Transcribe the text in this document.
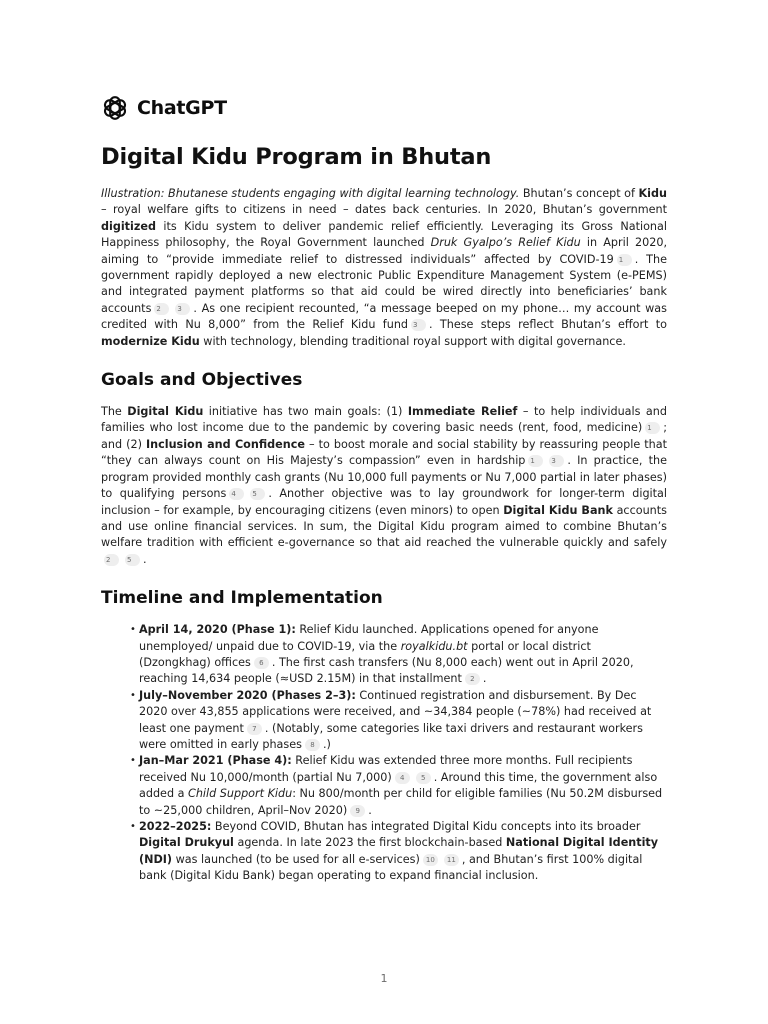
ChatGPT
Digital Kidu Program in Bhutan

Illustration: Bhutanese students engaging with digital learning technology. Bhutan’s concept of Kidu – royal welfare gifts to citizens in need – dates back centuries. In 2020, Bhutan’s government digitized its Kidu system to deliver pandemic relief efficiently. Leveraging its Gross National Happiness philosophy, the Royal Government launched Druk Gyalpo’s Relief Kidu in April 2020, aiming to “provide immediate relief to distressed individuals” affected by COVID-19 1 . The government rapidly deployed a new electronic Public Expenditure Management System (e-PEMS) and integrated payment platforms so that aid could be wired directly into beneficiaries’ bank accounts 2 3 . As one recipient recounted, “a message beeped on my phone… my account was credited with Nu 8,000” from the Relief Kidu fund 3 . These steps reflect Bhutan’s effort to modernize Kidu with technology, blending traditional royal support with digital governance.

Goals and Objectives

The Digital Kidu initiative has two main goals: (1) Immediate Relief – to help individuals and families who lost income due to the pandemic by covering basic needs (rent, food, medicine) 1 ; and (2) Inclusion and Confidence – to boost morale and social stability by reassuring people that “they can always count on His Majesty’s compassion” even in hardship 1 3 . In practice, the program provided monthly cash grants (Nu 10,000 full payments or Nu 7,000 partial in later phases) to qualifying persons 4 5 . Another objective was to lay groundwork for longer-term digital inclusion – for example, by encouraging citizens (even minors) to open Digital Kidu Bank accounts and use online financial services. In sum, the Digital Kidu program aimed to combine Bhutan’s welfare tradition with efficient e-governance so that aid reached the vulnerable quickly and safely2 5 .

Timeline and Implementation
• April 14, 2020 (Phase 1): Relief Kidu launched. Applications opened for anyone unemployed/ unpaid due to COVID-19, via the royalkidu.bt portal or local district (Dzongkhag) offices 6 . The first cash transfers (Nu 8,000 each) went out in April 2020, reaching 14,634 people (≈USD 2.15M) in that installment 2 .
• July–November 2020 (Phases 2–3): Continued registration and disbursement. By Dec 2020 over 43,855 applications were received, and ~34,384 people (~78%) had received at least one payment 7 . (Notably, some categories like taxi drivers and restaurant workers were omitted in early phases 8 .)
• Jan–Mar 2021 (Phase 4): Relief Kidu was extended three more months. Full recipients received Nu 10,000/month (partial Nu 7,000) 4 5 . Around this time, the government also added a Child Support Kidu: Nu 800/month per child for eligible families (Nu 50.2M disbursed to ~25,000 children, April–Nov 2020) 9 .
• 2022–2025: Beyond COVID, Bhutan has integrated Digital Kidu concepts into its broader Digital Drukyul agenda. In late 2023 the first blockchain-based National Digital Identity (NDI) was launched (to be used for all e-services) 10 11 , and Bhutan’s first 100% digital bank (Digital Kidu Bank) began operating to expand financial inclusion.
1
